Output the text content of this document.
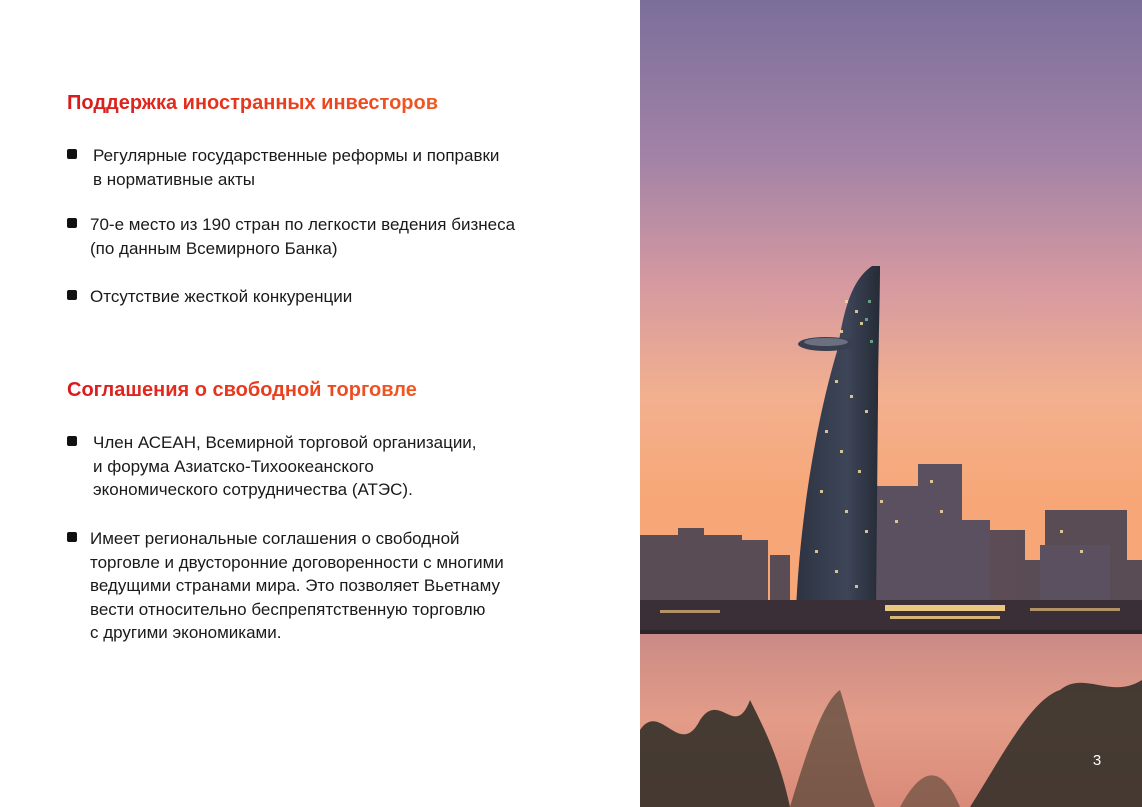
Поддержка иностранных инвесторов
Регулярные государственные реформы и поправки
в нормативные акты
70-е место из 190 стран по легкости ведения бизнеса
(по данным Всемирного Банка)
Отсутствие жесткой конкуренции
Соглашения о свободной торговле
Член АСЕАН, Всемирной торговой организации,
и форума Азиатско-Тихоокеанского
экономического сотрудничества (АТЭС).
Имеет региональные соглашения о свободной
торговле и двусторонние договоренности с многими
ведущими странами мира. Это позволяет Вьетнаму
вести относительно беспрепятственную торговлю
с другими экономиками.
3
